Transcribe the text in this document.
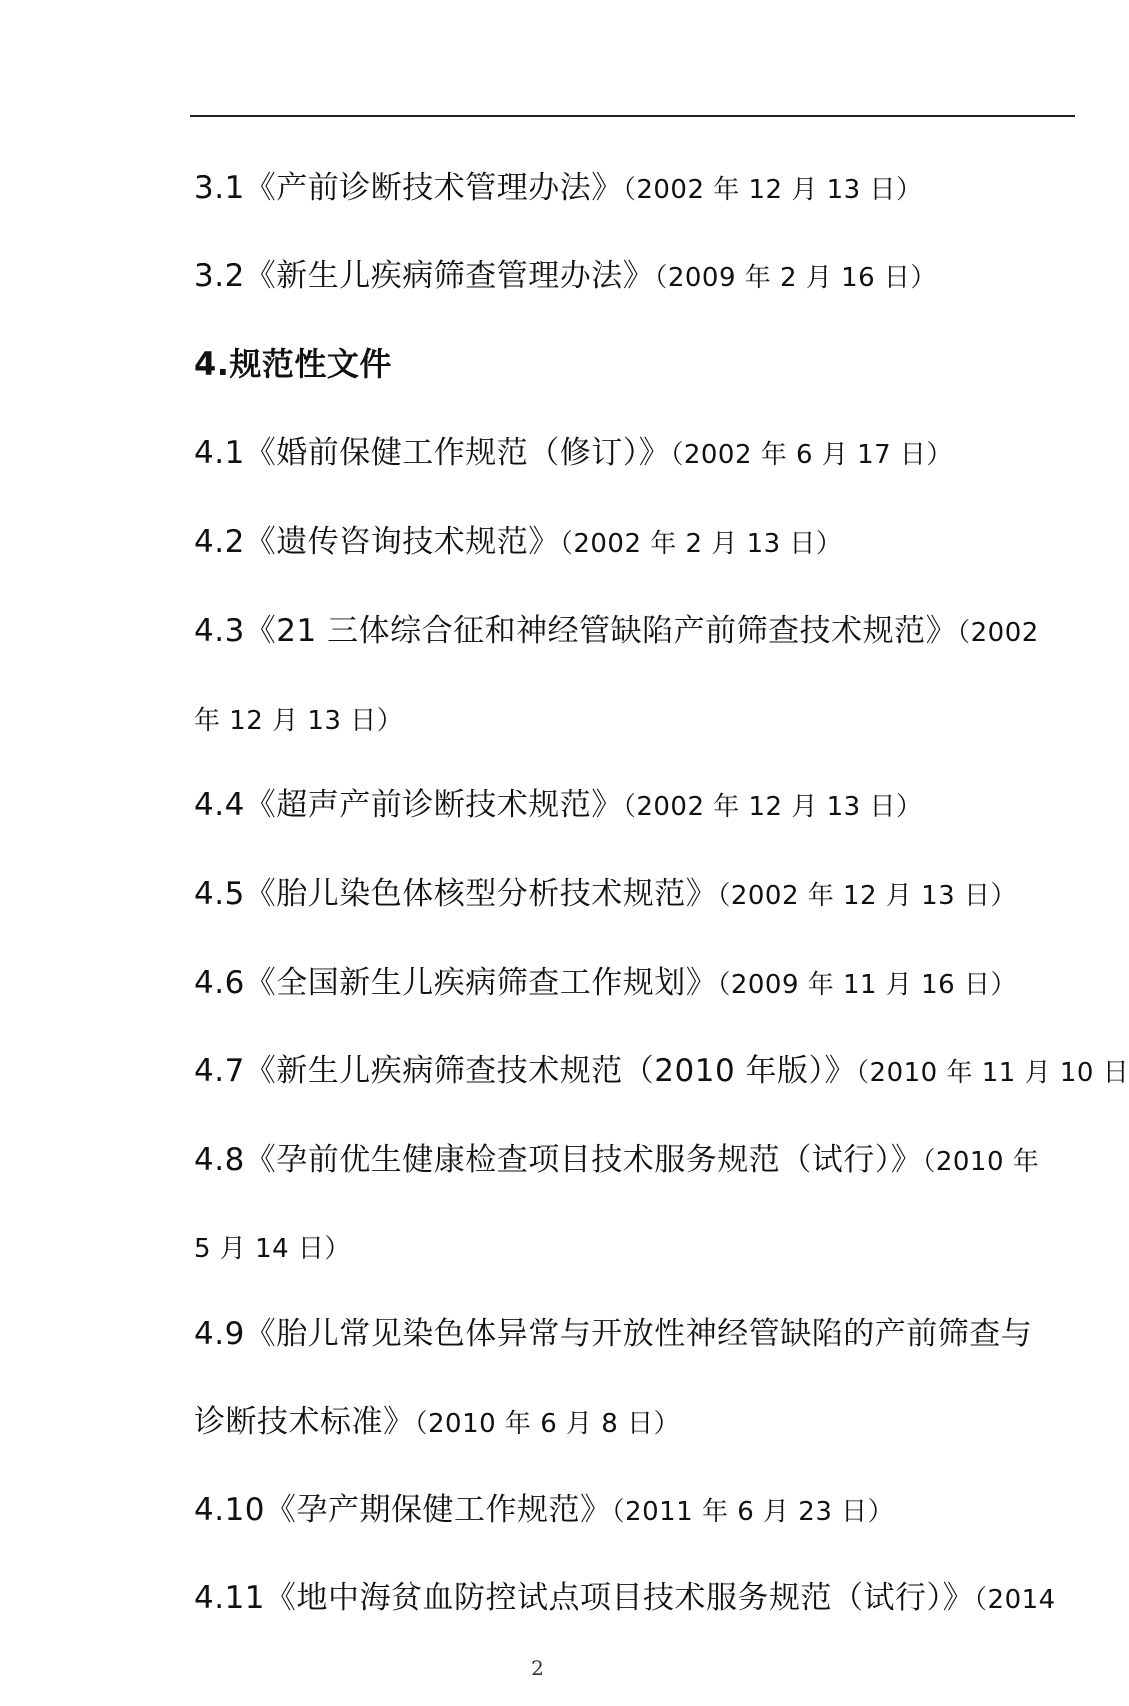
3.1《产前诊断技术管理办法》（2002 年 12 月 13 日）
3.2《新生儿疾病筛查管理办法》（2009 年 2 月 16 日）
4.规范性文件
4.1《婚前保健工作规范（修订）》（2002 年 6 月 17 日）
4.2《遗传咨询技术规范》（2002 年 2 月 13 日）
4.3《21 三体综合征和神经管缺陷产前筛查技术规范》（2002
年 12 月 13 日）
4.4《超声产前诊断技术规范》（2002 年 12 月 13 日）
4.5《胎儿染色体核型分析技术规范》（2002 年 12 月 13 日）
4.6《全国新生儿疾病筛查工作规划》（2009 年 11 月 16 日）
4.7《新生儿疾病筛查技术规范（2010 年版）》（2010 年 11 月 10 日
4.8《孕前优生健康检查项目技术服务规范（试行）》（2010 年
5 月 14 日）
4.9《胎儿常见染色体异常与开放性神经管缺陷的产前筛查与
诊断技术标准》（2010 年 6 月 8 日）
4.10《孕产期保健工作规范》（2011 年 6 月 23 日）
4.11《地中海贫血防控试点项目技术服务规范（试行）》（2014
2
